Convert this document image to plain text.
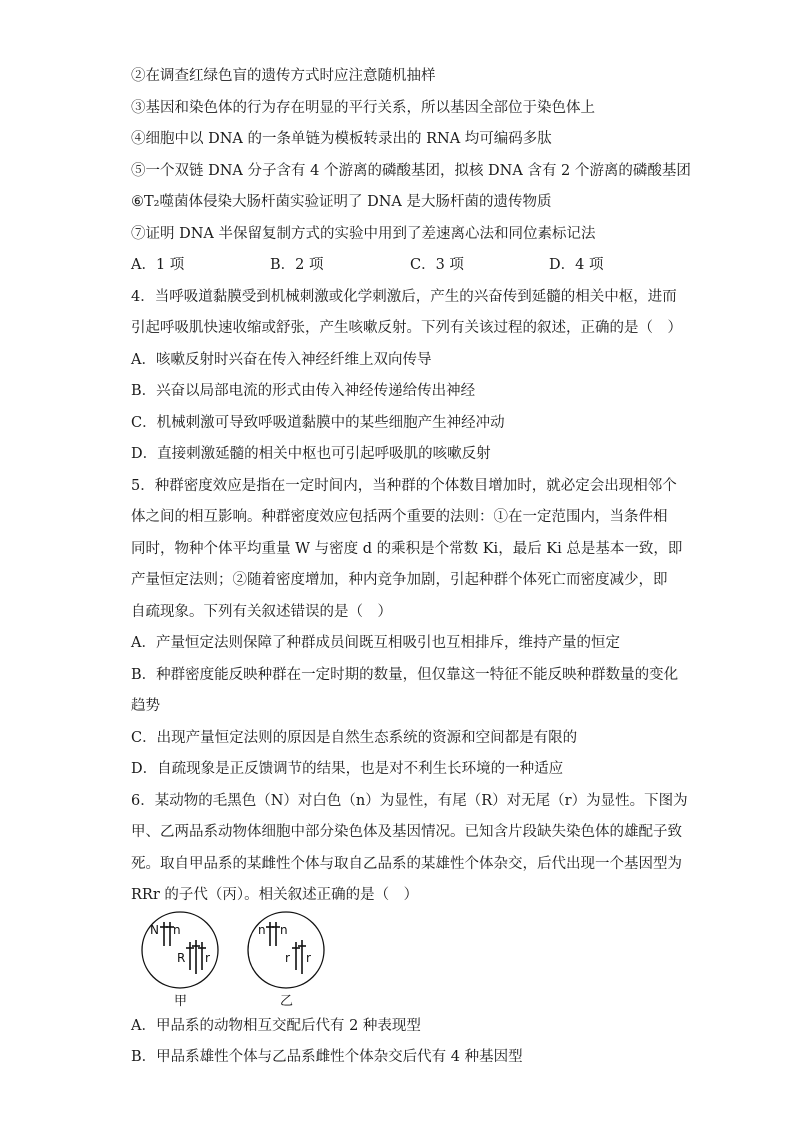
②在调查红绿色盲的遗传方式时应注意随机抽样
③基因和染色体的行为存在明显的平行关系，所以基因全部位于染色体上
④细胞中以 DNA 的一条单链为模板转录出的 RNA 均可编码多肽
⑤一个双链 DNA 分子含有 4 个游离的磷酸基团，拟核 DNA 含有 2 个游离的磷酸基团
⑥T₂噬菌体侵染大肠杆菌实验证明了 DNA 是大肠杆菌的遗传物质
⑦证明 DNA 半保留复制方式的实验中用到了差速离心法和同位素标记法
A．1 项	B．2 项	C．3 项	D．4 项
4．当呼吸道黏膜受到机械刺激或化学刺激后，产生的兴奋传到延髓的相关中枢，进而
引起呼吸肌快速收缩或舒张，产生咳嗽反射。下列有关该过程的叙述，正确的是（　）
A．咳嗽反射时兴奋在传入神经纤维上双向传导
B．兴奋以局部电流的形式由传入神经传递给传出神经
C．机械刺激可导致呼吸道黏膜中的某些细胞产生神经冲动
D．直接刺激延髓的相关中枢也可引起呼吸肌的咳嗽反射
5．种群密度效应是指在一定时间内，当种群的个体数目增加时，就必定会出现相邻个
体之间的相互影响。种群密度效应包括两个重要的法则：①在一定范围内，当条件相
同时，物种个体平均重量 W 与密度 d 的乘积是个常数 Ki，最后 Ki 总是基本一致，即
产量恒定法则；②随着密度增加，种内竞争加剧，引起种群个体死亡而密度减少，即
自疏现象。下列有关叙述错误的是（　）
A．产量恒定法则保障了种群成员间既互相吸引也互相排斥，维持产量的恒定
B．种群密度能反映种群在一定时期的数量，但仅靠这一特征不能反映种群数量的变化
趋势
C．出现产量恒定法则的原因是自然生态系统的资源和空间都是有限的
D．自疏现象是正反馈调节的结果，也是对不利生长环境的一种适应
6．某动物的毛黑色（N）对白色（n）为显性，有尾（R）对无尾（r）为显性。下图为
甲、乙两品系动物体细胞中部分染色体及基因情况。已知含片段缺失染色体的雄配子致
死。取自甲品系的某雌性个体与取自乙品系的某雄性个体杂交，后代出现一个基因型为
RRr 的子代（丙）。相关叙述正确的是（　）
N n
R r
甲
n n
r r
乙
A．甲品系的动物相互交配后代有 2 种表现型
B．甲品系雄性个体与乙品系雌性个体杂交后代有 4 种基因型
